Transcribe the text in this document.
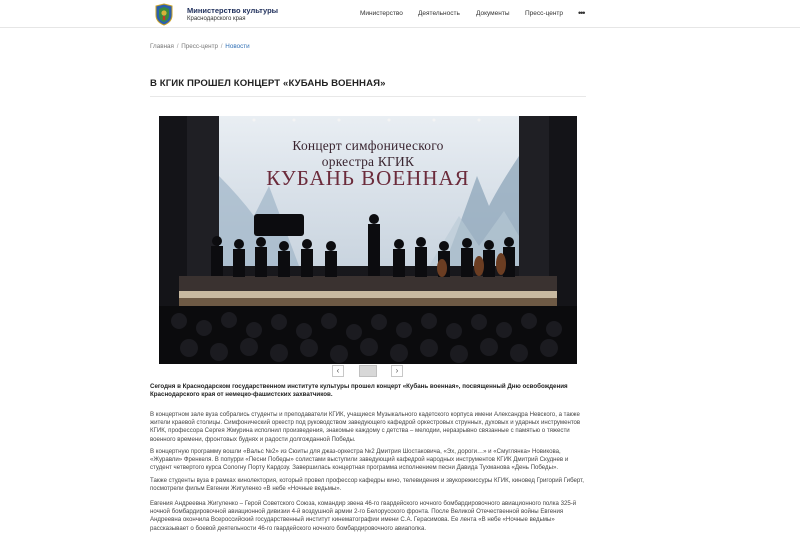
Министерство культуры
Краснодарского края
Министерство Деятельность Документы Пресс-центр •••
Главная / Пресс-центр / Новости
В КГИК ПРОШЕЛ КОНЦЕРТ «КУБАНЬ ВОЕННАЯ»
Концерт симфонического
оркестра КГИК
КУБАНЬ ВОЕННАЯ
‹	›

Сегодня в Краснодарском государственном институте культуры прошел концерт «Кубань военная», посвященный Дню освобождения Краснодарского края от немецко-фашистских захватчиков.

В концертном зале вуза собрались студенты и преподаватели КГИК, учащиеся Музыкального кадетского корпуса имени Александра Невского, а также жители краевой столицы. Симфонический оркестр под руководством заведующего кафедрой оркестровых струнных, духовых и ударных инструментов КГИК, профессора Сергея Жмурина исполнил произведения, знакомые каждому с детства – мелодии, неразрывно связанные с памятью о тяжести военного времени, фронтовых буднях и радости долгожданной Победы.

В концертную программу вошли «Вальс №2» из Сюиты для джаз-оркестра №2 Дмитрия Шостаковича, «Эх, дороги…» и «Смуглянка» Новикова, «Журавли» Френкеля. В попурри «Песни Победы» солистами выступили заведующий кафедрой народных инструментов КГИК Дмитрий Скуднев и студент четвертого курса Сологну Порту Кардозу. Завершилась концертная программа исполнением песни Давида Тухманова «День Победы».

Также студенты вуза в рамках кинолектория, который провел профессор кафедры кино, телевидения и звукорежиссуры КГИК, киновед Григорий Гиберт, посмотрели фильм Евгении Жигуленко «В небе «Ночные ведьмы».

Евгения Андреевна Жигуленко – Герой Советского Союза, командир звена 46-го гвардейского ночного бомбардировочного авиационного полка 325-й ночной бомбардировочной авиационной дивизии 4-й воздушной армии 2-го Белорусского фронта. После Великой Отечественной войны Евгения Андреевна окончила Всероссийский государственный институт кинематографии имени С.А. Герасимова. Ее лента «В небе «Ночные ведьмы» рассказывает о боевой деятельности 46-го гвардейского ночного бомбардировочного авиаполка.
